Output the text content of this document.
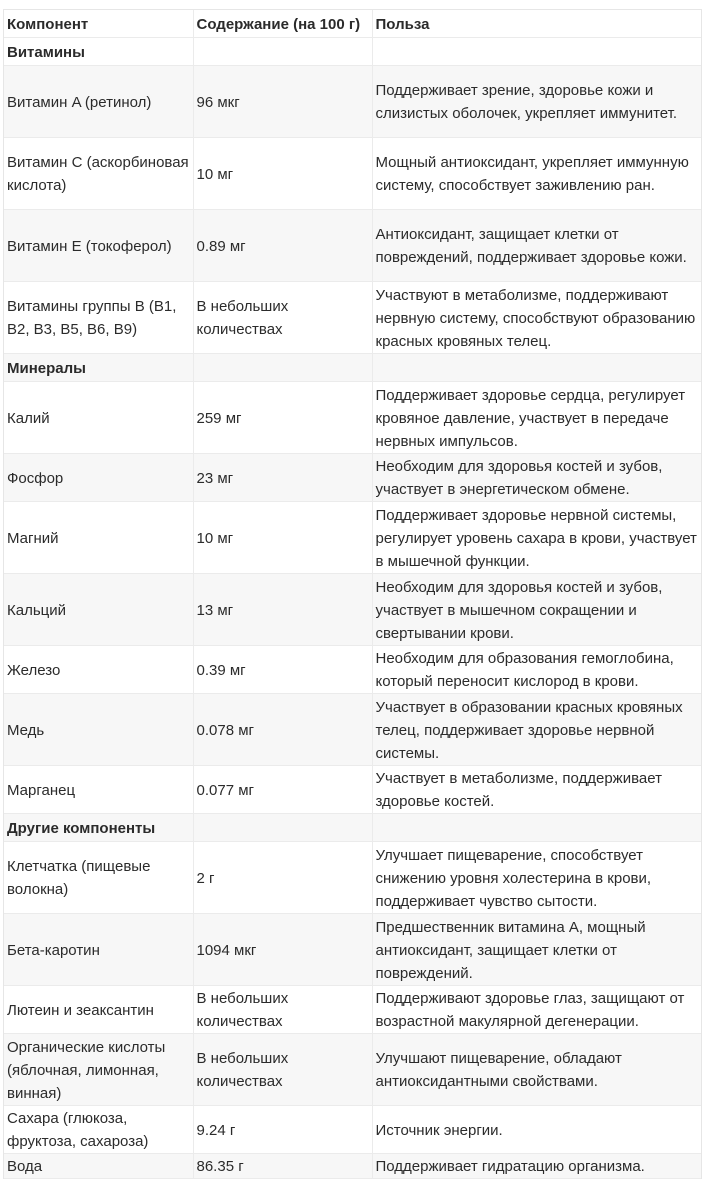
Компонент	Содержание (на 100 г)	Польза
Витамины		
Витамин A (ретинол)	96 мкг	Поддерживает зрение, здоровье кожи и слизистых оболочек, укрепляет иммунитет.
Витамин C (аскорбиновая кислота)	10 мг	Мощный антиоксидант, укрепляет иммунную систему, способствует заживлению ран.
Витамин E (токоферол)	0.89 мг	Антиоксидант, защищает клетки от повреждений, поддерживает здоровье кожи.
Витамины группы B (B1, B2, B3, B5, B6, B9)	В небольших количествах	Участвуют в метаболизме, поддерживают нервную систему, способствуют образованию красных кровяных телец.
Минералы		
Калий	259 мг	Поддерживает здоровье сердца, регулирует кровяное давление, участвует в передаче нервных импульсов.
Фосфор	23 мг	Необходим для здоровья костей и зубов, участвует в энергетическом обмене.
Магний	10 мг	Поддерживает здоровье нервной системы, регулирует уровень сахара в крови, участвует в мышечной функции.
Кальций	13 мг	Необходим для здоровья костей и зубов, участвует в мышечном сокращении и свертывании крови.
Железо	0.39 мг	Необходим для образования гемоглобина, который переносит кислород в крови.
Медь	0.078 мг	Участвует в образовании красных кровяных телец, поддерживает здоровье нервной системы.
Марганец	0.077 мг	Участвует в метаболизме, поддерживает здоровье костей.
Другие компоненты		
Клетчатка (пищевые волокна)	2 г	Улучшает пищеварение, способствует снижению уровня холестерина в крови, поддерживает чувство сытости.
Бета-каротин	1094 мкг	Предшественник витамина A, мощный антиоксидант, защищает клетки от повреждений.
Лютеин и зеаксантин	В небольших количествах	Поддерживают здоровье глаз, защищают от возрастной макулярной дегенерации.
Органические кислоты (яблочная, лимонная, винная)	В небольших количествах	Улучшают пищеварение, обладают антиоксидантными свойствами.
Сахара (глюкоза, фруктоза, сахароза)	9.24 г	Источник энергии.
Вода	86.35 г	Поддерживает гидратацию организма.
